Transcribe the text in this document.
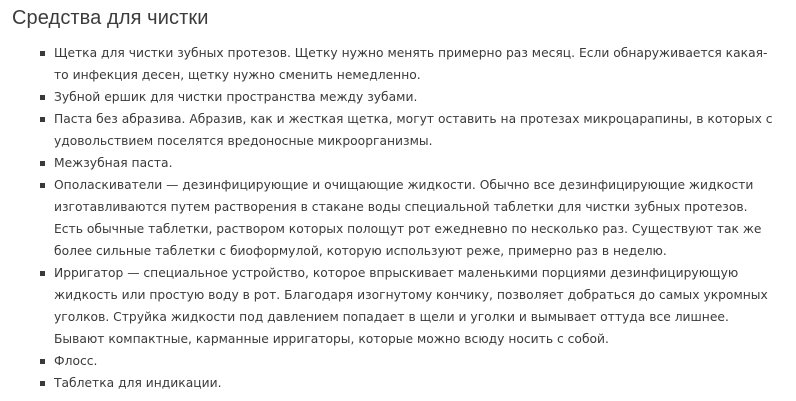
Средства для чистки
Щетка для чистки зубных протезов. Щетку нужно менять примерно раз месяц. Если обнаруживается какая-то инфекция десен, щетку нужно сменить немедленно.
Зубной ершик для чистки пространства между зубами.
Паста без абразива. Абразив, как и жесткая щетка, могут оставить на протезах микроцарапины, в которых с удовольствием поселятся вредоносные микроорганизмы.
Межзубная паста.
Ополаскиватели — дезинфицирующие и очищающие жидкости. Обычно все дезинфицирующие жидкости изготавливаются путем растворения в стакане воды специальной таблетки для чистки зубных протезов. Есть обычные таблетки, раствором которых полощут рот ежедневно по несколько раз. Существуют так же более сильные таблетки с биоформулой, которую используют реже, примерно раз в неделю.
Ирригатор — специальное устройство, которое впрыскивает маленькими порциями дезинфицирующую жидкость или простую воду в рот. Благодаря изогнутому кончику, позволяет добраться до самых укромных уголков. Струйка жидкости под давлением попадает в щели и уголки и вымывает оттуда все лишнее. Бывают компактные, карманные ирригаторы, которые можно всюду носить с собой.
Флосс.
Таблетка для индикации.
